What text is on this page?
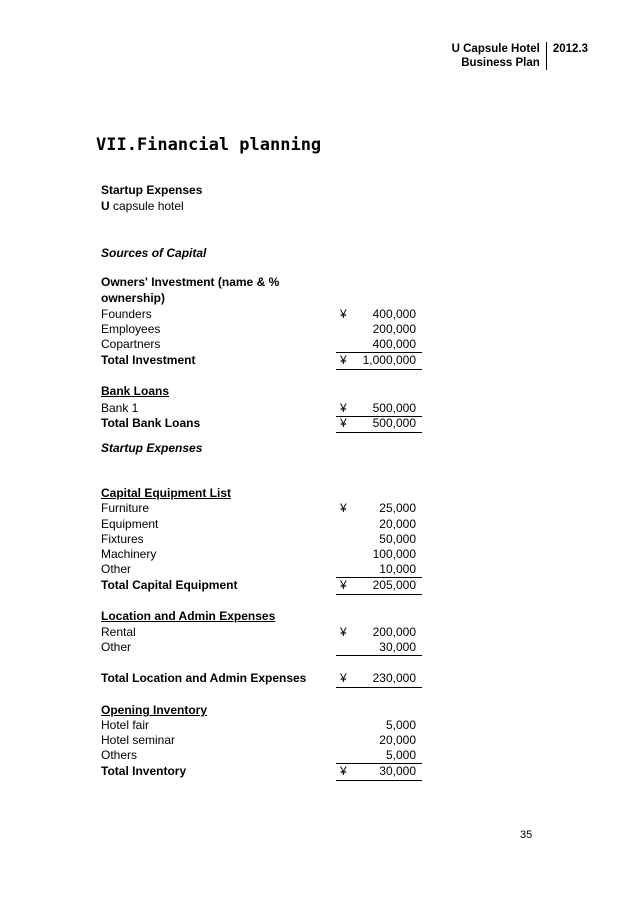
U Capsule Hotel
Business Plan
2012.3
VII.Financial planning
Startup Expenses
U capsule hotel
Sources of Capital
Owners' Investment (name & %
ownership)
Founders	¥ 400,000
Employees	200,000
Copartners	400,000
Total Investment	¥ 1,000,000
Bank Loans
Bank 1	¥ 500,000
Total Bank Loans	¥ 500,000
Startup Expenses
Capital Equipment List
Furniture	¥	25,000
Equipment	20,000
Fixtures	50,000
Machinery	100,000
Other	10,000
Total Capital Equipment	¥ 205,000
Location and Admin Expenses
Rental	¥ 200,000
Other	30,000
Total Location and Admin Expenses	¥ 230,000
Opening Inventory
Hotel fair	5,000
Hotel seminar	20,000
Others	5,000
Total Inventory	¥	30,000
35
